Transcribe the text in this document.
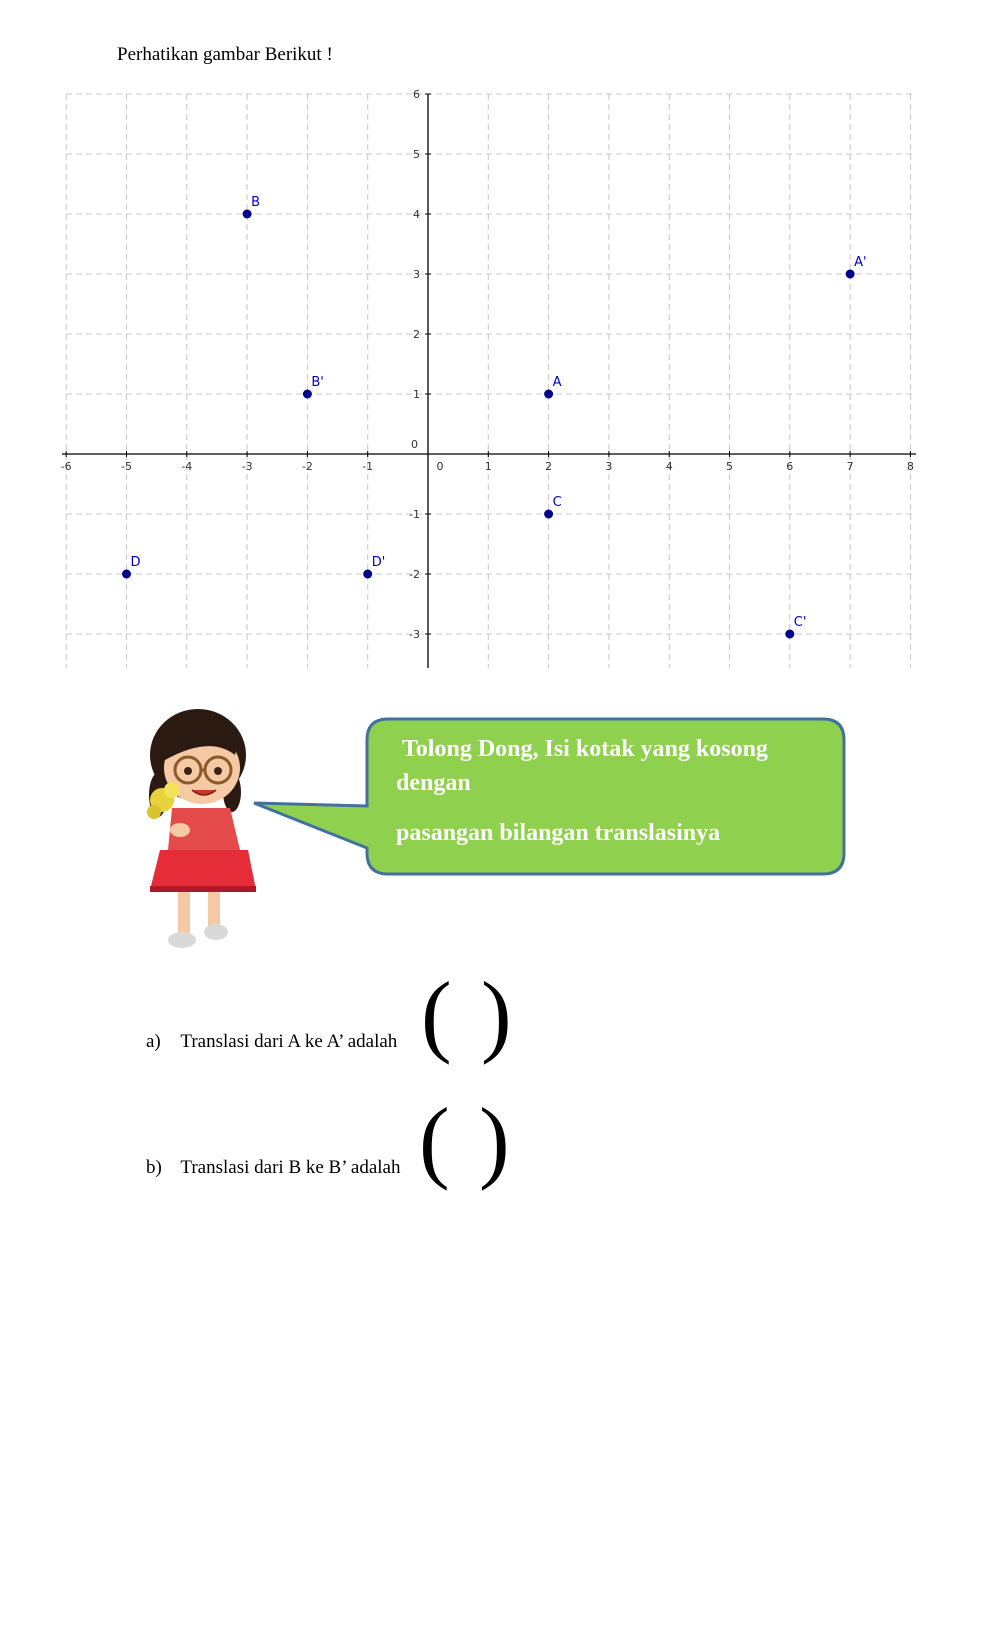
Perhatikan gambar Berikut !
-6	-5	-4	-3	-2	-1	0	1	2	3	4	5	6	7	8
-3
-2
-1
0
1
2
3
4
5
6
A
A'
B
B'
C
C'
D	D'
Tolong Dong, Isi kotak yang kosong
dengan
pasangan bilangan translasinya
a) Translasi dari A ke A’ adalah ( )
b) Translasi dari B ke B’ adalah ( )
